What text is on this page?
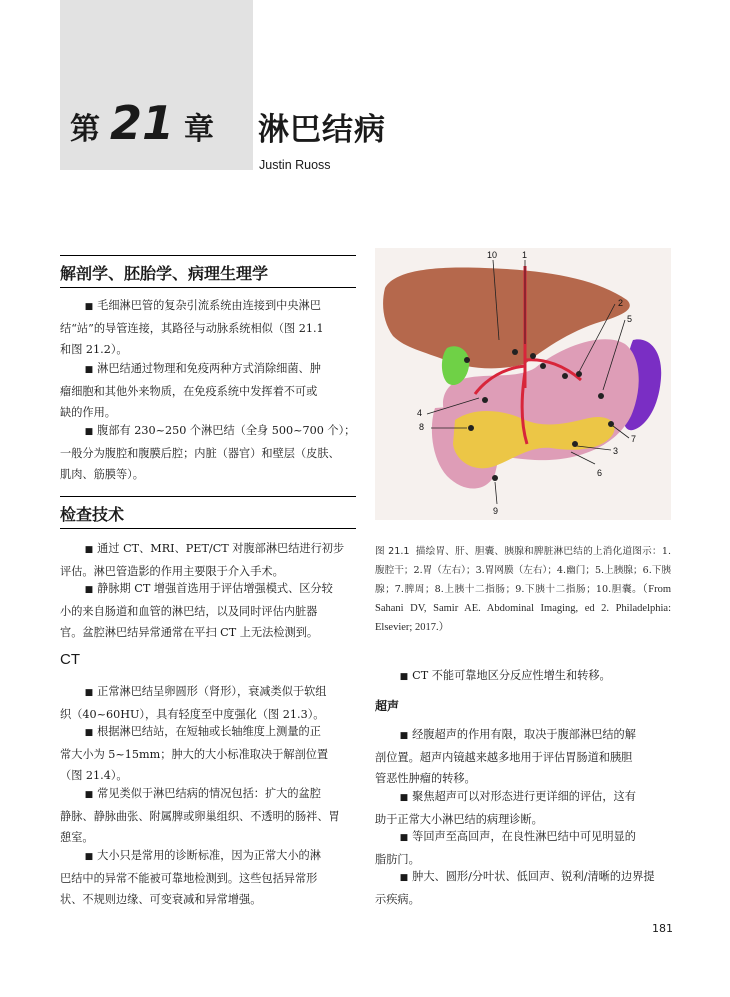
第 21 章 淋巴结病
Justin Ruoss
解剖学、胚胎学、病理生理学
■ 毛细淋巴管的复杂引流系统由连接到中央淋巴
结“站”的导管连接，其路径与动脉系统相似（图 21.1
和图 21.2）。
■ 淋巴结通过物理和免疫两种方式消除细菌、肿
瘤细胞和其他外来物质，在免疫系统中发挥着不可或
缺的作用。
■ 腹部有 230~250 个淋巴结（全身 500~700 个）；
一般分为腹腔和腹膜后腔；内脏（器官）和壁层（皮肤、
肌肉、筋膜等）。
检查技术
■ 通过 CT、MRI、PET/CT 对腹部淋巴结进行初步
评估。淋巴管造影的作用主要限于介入手术。
■ 静脉期 CT 增强首选用于评估增强模式、区分较
小的来自肠道和血管的淋巴结，以及同时评估内脏器
官。盆腔淋巴结异常通常在平扫 CT 上无法检测到。
CT
■ 正常淋巴结呈卵圆形（肾形），衰减类似于软组
织（40~60HU），具有轻度至中度强化（图 21.3）。
■ 根据淋巴结站，在短轴或长轴维度上测量的正
常大小为 5~15mm；肿大的大小标准取决于解剖位置
（图 21.4）。
■ 常见类似于淋巴结病的情况包括：扩大的盆腔
静脉、静脉曲张、附属脾或卵巢组织、不透明的肠袢、胃
憩室。
■ 大小只是常用的诊断标准，因为正常大小的淋
巴结中的异常不能被可靠地检测到。这些包括异常形
状、不规则边缘、可变衰减和异常增强。
10	1
2
5
4
8
7
3
6
9
图 21.1 描绘胃、肝、胆囊、胰腺和脾脏淋巴结的上消化道图示：1.腹腔干；2.胃（左右）；3.胃网膜（左右）；4.幽门；5.上胰腺；6.下胰腺；7.脾周；8.上胰十二指肠；9.下胰十二指肠；10.胆囊。（From Sahani DV, Samir AE. Abdominal Imaging, ed 2. Philadelphia: Elsevier; 2017.）
■ CT 不能可靠地区分反应性增生和转移。
超声
■ 经腹超声的作用有限，取决于腹部淋巴结的解
剖位置。超声内镜越来越多地用于评估胃肠道和胰胆
管恶性肿瘤的转移。
■ 聚焦超声可以对形态进行更详细的评估，这有
助于正常大小淋巴结的病理诊断。
■ 等回声至高回声，在良性淋巴结中可见明显的
脂肪门。
■ 肿大、圆形/分叶状、低回声、锐利/清晰的边界提
示疾病。
181
